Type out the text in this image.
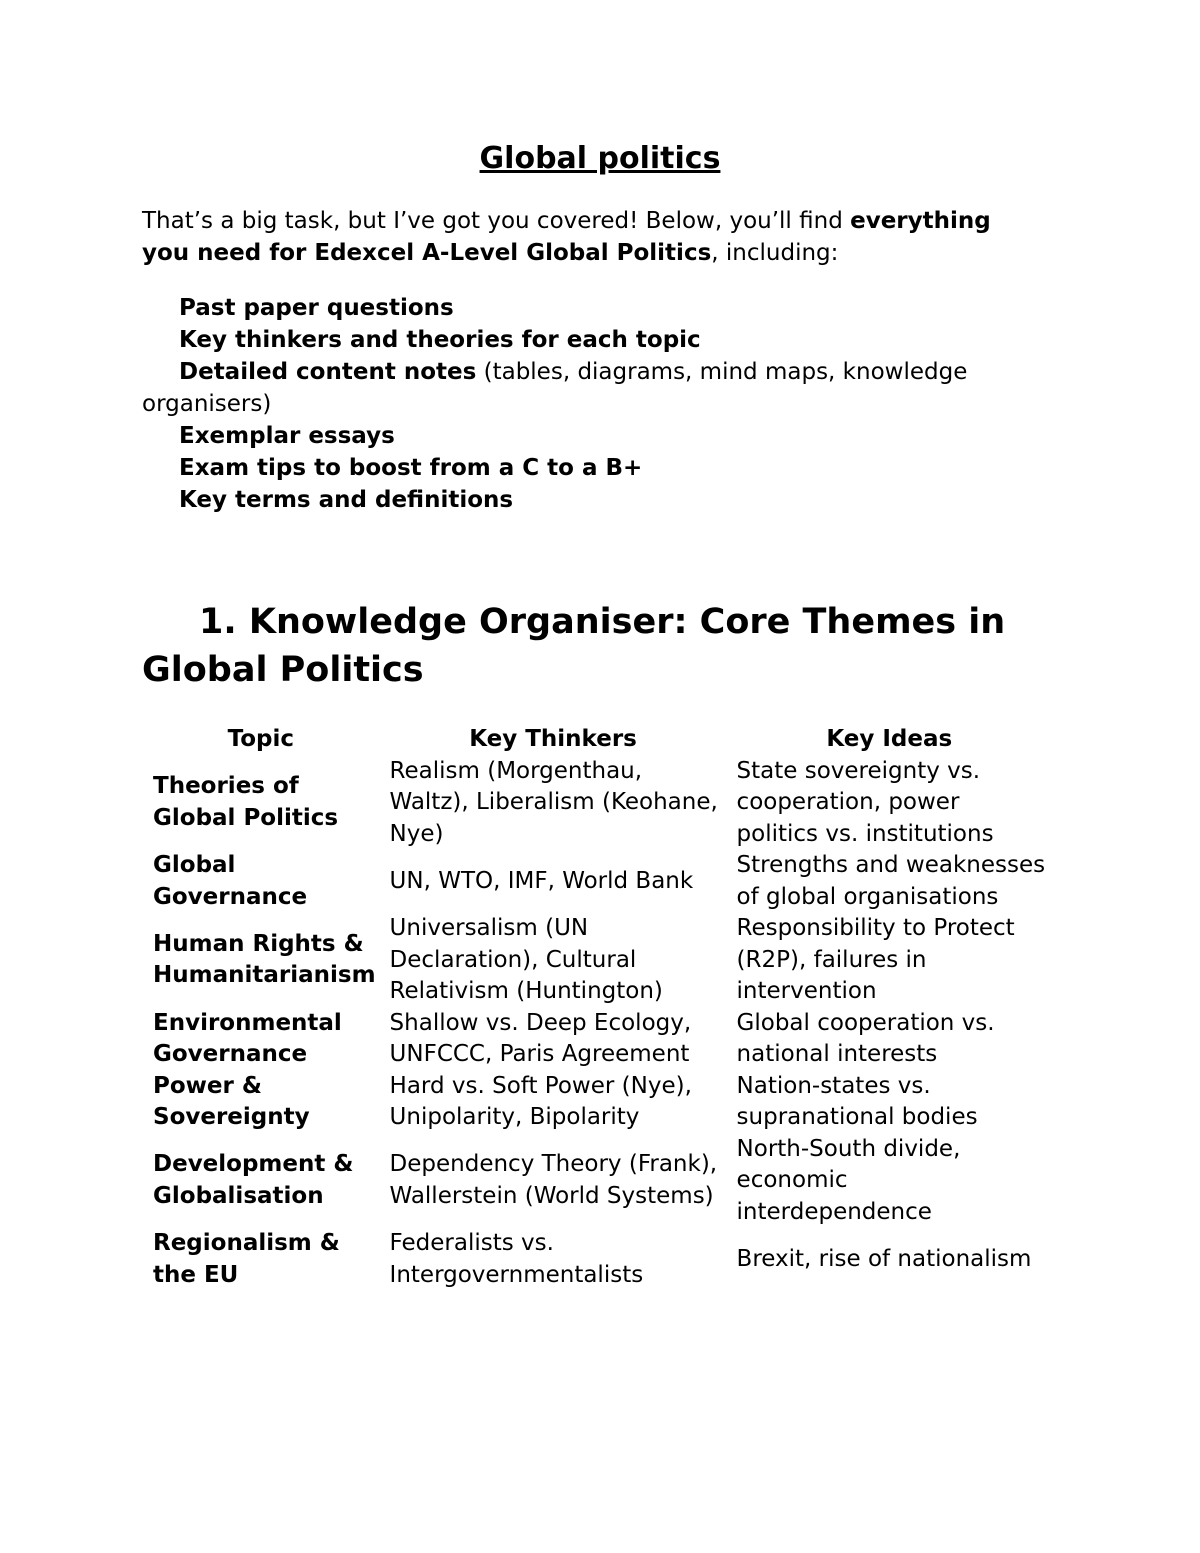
Global politics

That’s a big task, but I’ve got you covered! Below, you’ll find everything you need for Edexcel A-Level Global Politics, including:

Past paper questions
Key thinkers and theories for each topic
Detailed content notes (tables, diagrams, mind maps, knowledge organisers)
Exemplar essays
Exam tips to boost from a C to a B+
Key terms and definitions
1. Knowledge Organiser: Core Themes in Global Politics
Topic	Key Thinkers	Key Ideas
Theories of Global Politics	Realism (Morgenthau, Waltz), Liberalism (Keohane, Nye)	State sovereignty vs. cooperation, power politics vs. institutions
Global Governance	UN, WTO, IMF, World Bank	Strengths and weaknesses of global organisations
Human Rights & Humanitarianism	Universalism (UN Declaration), Cultural Relativism (Huntington)	Responsibility to Protect (R2P), failures in intervention
Environmental Governance	Shallow vs. Deep Ecology, UNFCCC, Paris Agreement	Global cooperation vs. national interests
Power & Sovereignty	Hard vs. Soft Power (Nye), Unipolarity, Bipolarity	Nation-states vs. supranational bodies
Development & Globalisation	Dependency Theory (Frank), Wallerstein (World Systems)	North-South divide, economic interdependence
Regionalism & the EU	Federalists vs. Intergovernmentalists	Brexit, rise of nationalism
